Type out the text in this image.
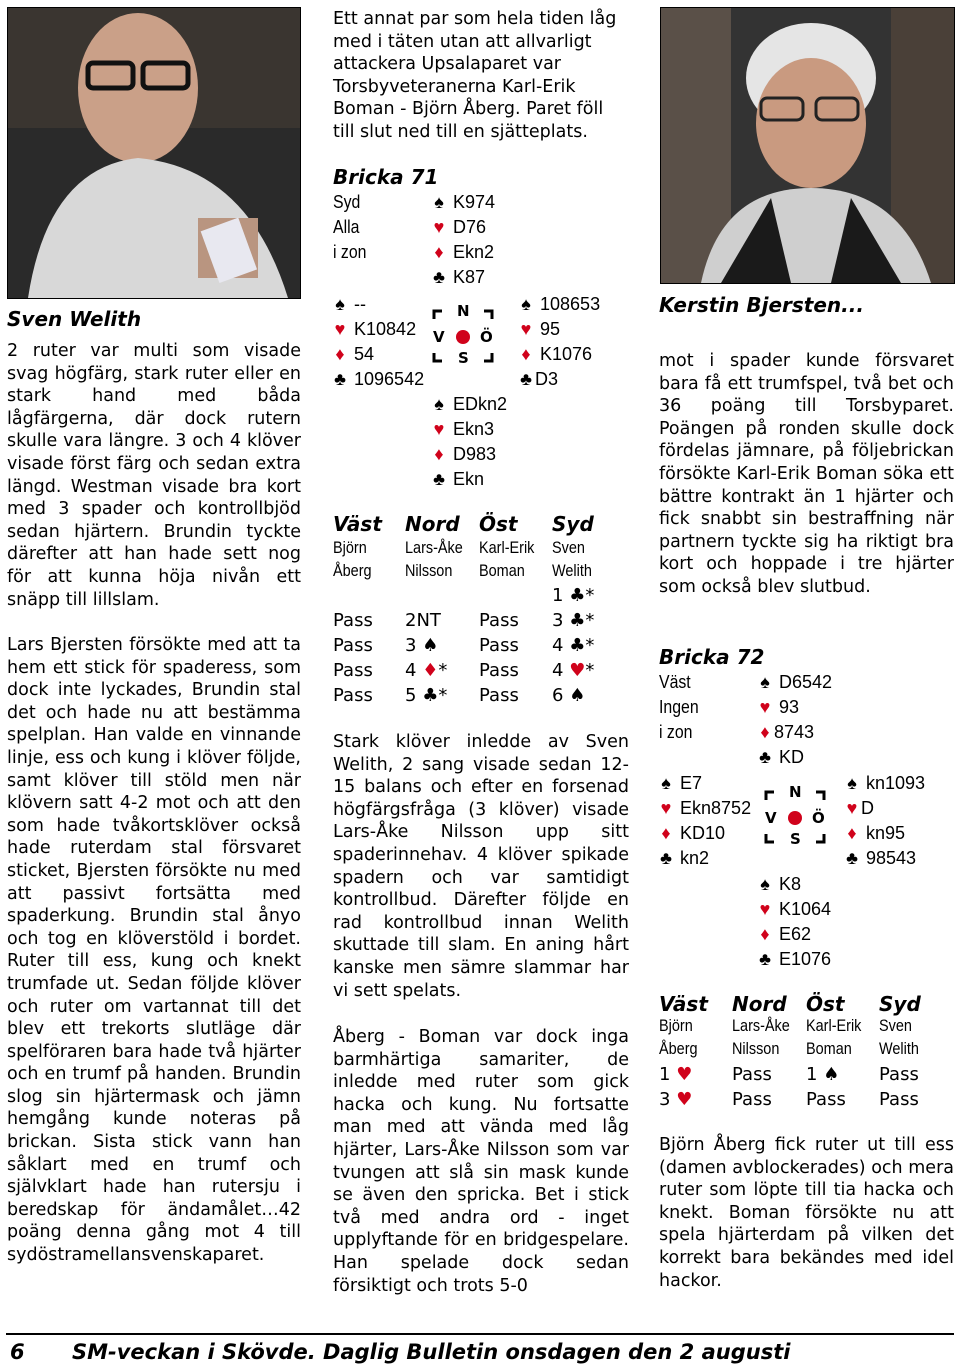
Sven Welith

2 ruter var multi som visade svag högfärg, stark ruter eller en stark hand med båda lågfärgerna, där dock rutern skulle vara längre. 3 och 4 klöver visade först färg och sedan extra längd. Westman visade bra kort med 3 spader och kontrollbjöd sedan hjärtern. Brundin tyckte därefter att han hade sett nog för att kunna höja nivån ett snäpp till lillslam.

Lars Bjersten försökte med att ta hem ett stick för spaderess, som dock inte lyckades, Brundin stal det och hade nu att bestämma spelplan. Han valde en vinnande linje, ess och kung i klöver följde, samt klöver till stöld men när klövern satt 4-2 mot och att den som hade tvåkortsklöver också hade ruterdam stal försvaret sticket, Bjersten försökte nu med att passivt fortsätta med spaderkung. Brundin stal ånyo och tog en klöverstöld i bordet. Ruter till ess, kung och knekt trumfade ut. Sedan följde klöver och ruter om vartannat till det blev ett trekorts slutläge där spelföraren bara hade två hjärter och en trumf på handen. Brundin slog sin hjärtermask och jämn hemgång kunde noteras på brickan. Sista stick vann han såklart med en trumf och självklart hade han rutersju i beredskap för ändamålet…42 poäng denna gång mot 4 till sydöstramellansvenskaparet.

Ett annat par som hela tiden låg med i täten utan att allvarligt attackera Upsalaparet var Torsbyveteranerna Karl-Erik Boman - Björn Åberg. Paret föll till slut ned till en sjätteplats.

Bricka 71
Syd
Alla
i zon
♠ K974
♥ D76
♦ Ekn2
♣ K87
♠ --
♥ K10842
♦ 54
♣ 1096542
♠ 108653
♥ 95
♦ K1076
♣ D3
N
S
V Ö
♠ EDkn2
♥ Ekn3
♦ D983
♣ Ekn
Väst Nord Öst Syd
Björn Lars-Åke Karl-Erik Sven
Åberg Nilsson Boman Welith
1 ♣*
Pass 2NT Pass 3 ♣*
Pass 3 ♠ Pass 4 ♣*
Pass 4 ♦* Pass 4 ♥*
Pass 5 ♣* Pass 6 ♠

Stark klöver inledde av Sven Welith, 2 sang visade sedan 12-15 balans och efter en forsenad högfärgsfråga (3 klöver) visade Lars-Åke Nilsson upp sitt spaderinnehav. 4 klöver spikade spadern och var samtidigt kontrollbud. Därefter följde en rad kontrollbud innan Welith skuttade till slam. En aning hårt kanske men sämre slammar har vi sett spelats.

Åberg - Boman var dock inga barmhärtiga samariter, de inledde med ruter som gick hacka och kung. Nu fortsatte man med att vända med låg hjärter, Lars-Åke Nilsson som var tvungen att slå sin mask kunde se även den spricka. Bet i stick två med andra ord - inget upplyftande för en bridgespelare. Han spelade dock sedan försiktigt och trots 5-0

Kerstin Bjersten...

mot i spader kunde försvaret bara få ett trumfspel, två bet och 36 poäng till Torsbyparet. Poängen på ronden skulle dock fördelas jämnare, på följebrickan försökte Karl-Erik Boman söka ett bättre kontrakt än 1 hjärter och fick snabbt sin bestraffning när partnern tyckte sig ha riktigt bra kort och hoppade i tre hjärter som också blev slutbud.

Bricka 72
Väst
Ingen
i zon
♠ D6542
♥ 93
♦ 8743
♣ KD
♠ E7
♥ Ekn8752
♦ KD10
♣ kn2
♠ kn1093
♥ D
♦ kn95
♣ 98543
N
S
V Ö
♠ K8
♥ K1064
♦ E62
♣ E1076
Väst Nord Öst Syd
Björn Lars-Åke Karl-Erik Sven
Åberg Nilsson Boman Welith
1 ♥ Pass 1 ♠ Pass
3 ♥ Pass Pass Pass

Björn Åberg fick ruter ut till ess (damen avblockerades) och mera ruter som löpte till tia hacka och knekt. Boman försökte nu att spela hjärterdam på vilken det korrekt bara bekändes med idel hackor.

6 SM-veckan i Skövde. Daglig Bulletin onsdagen den 2 augusti
